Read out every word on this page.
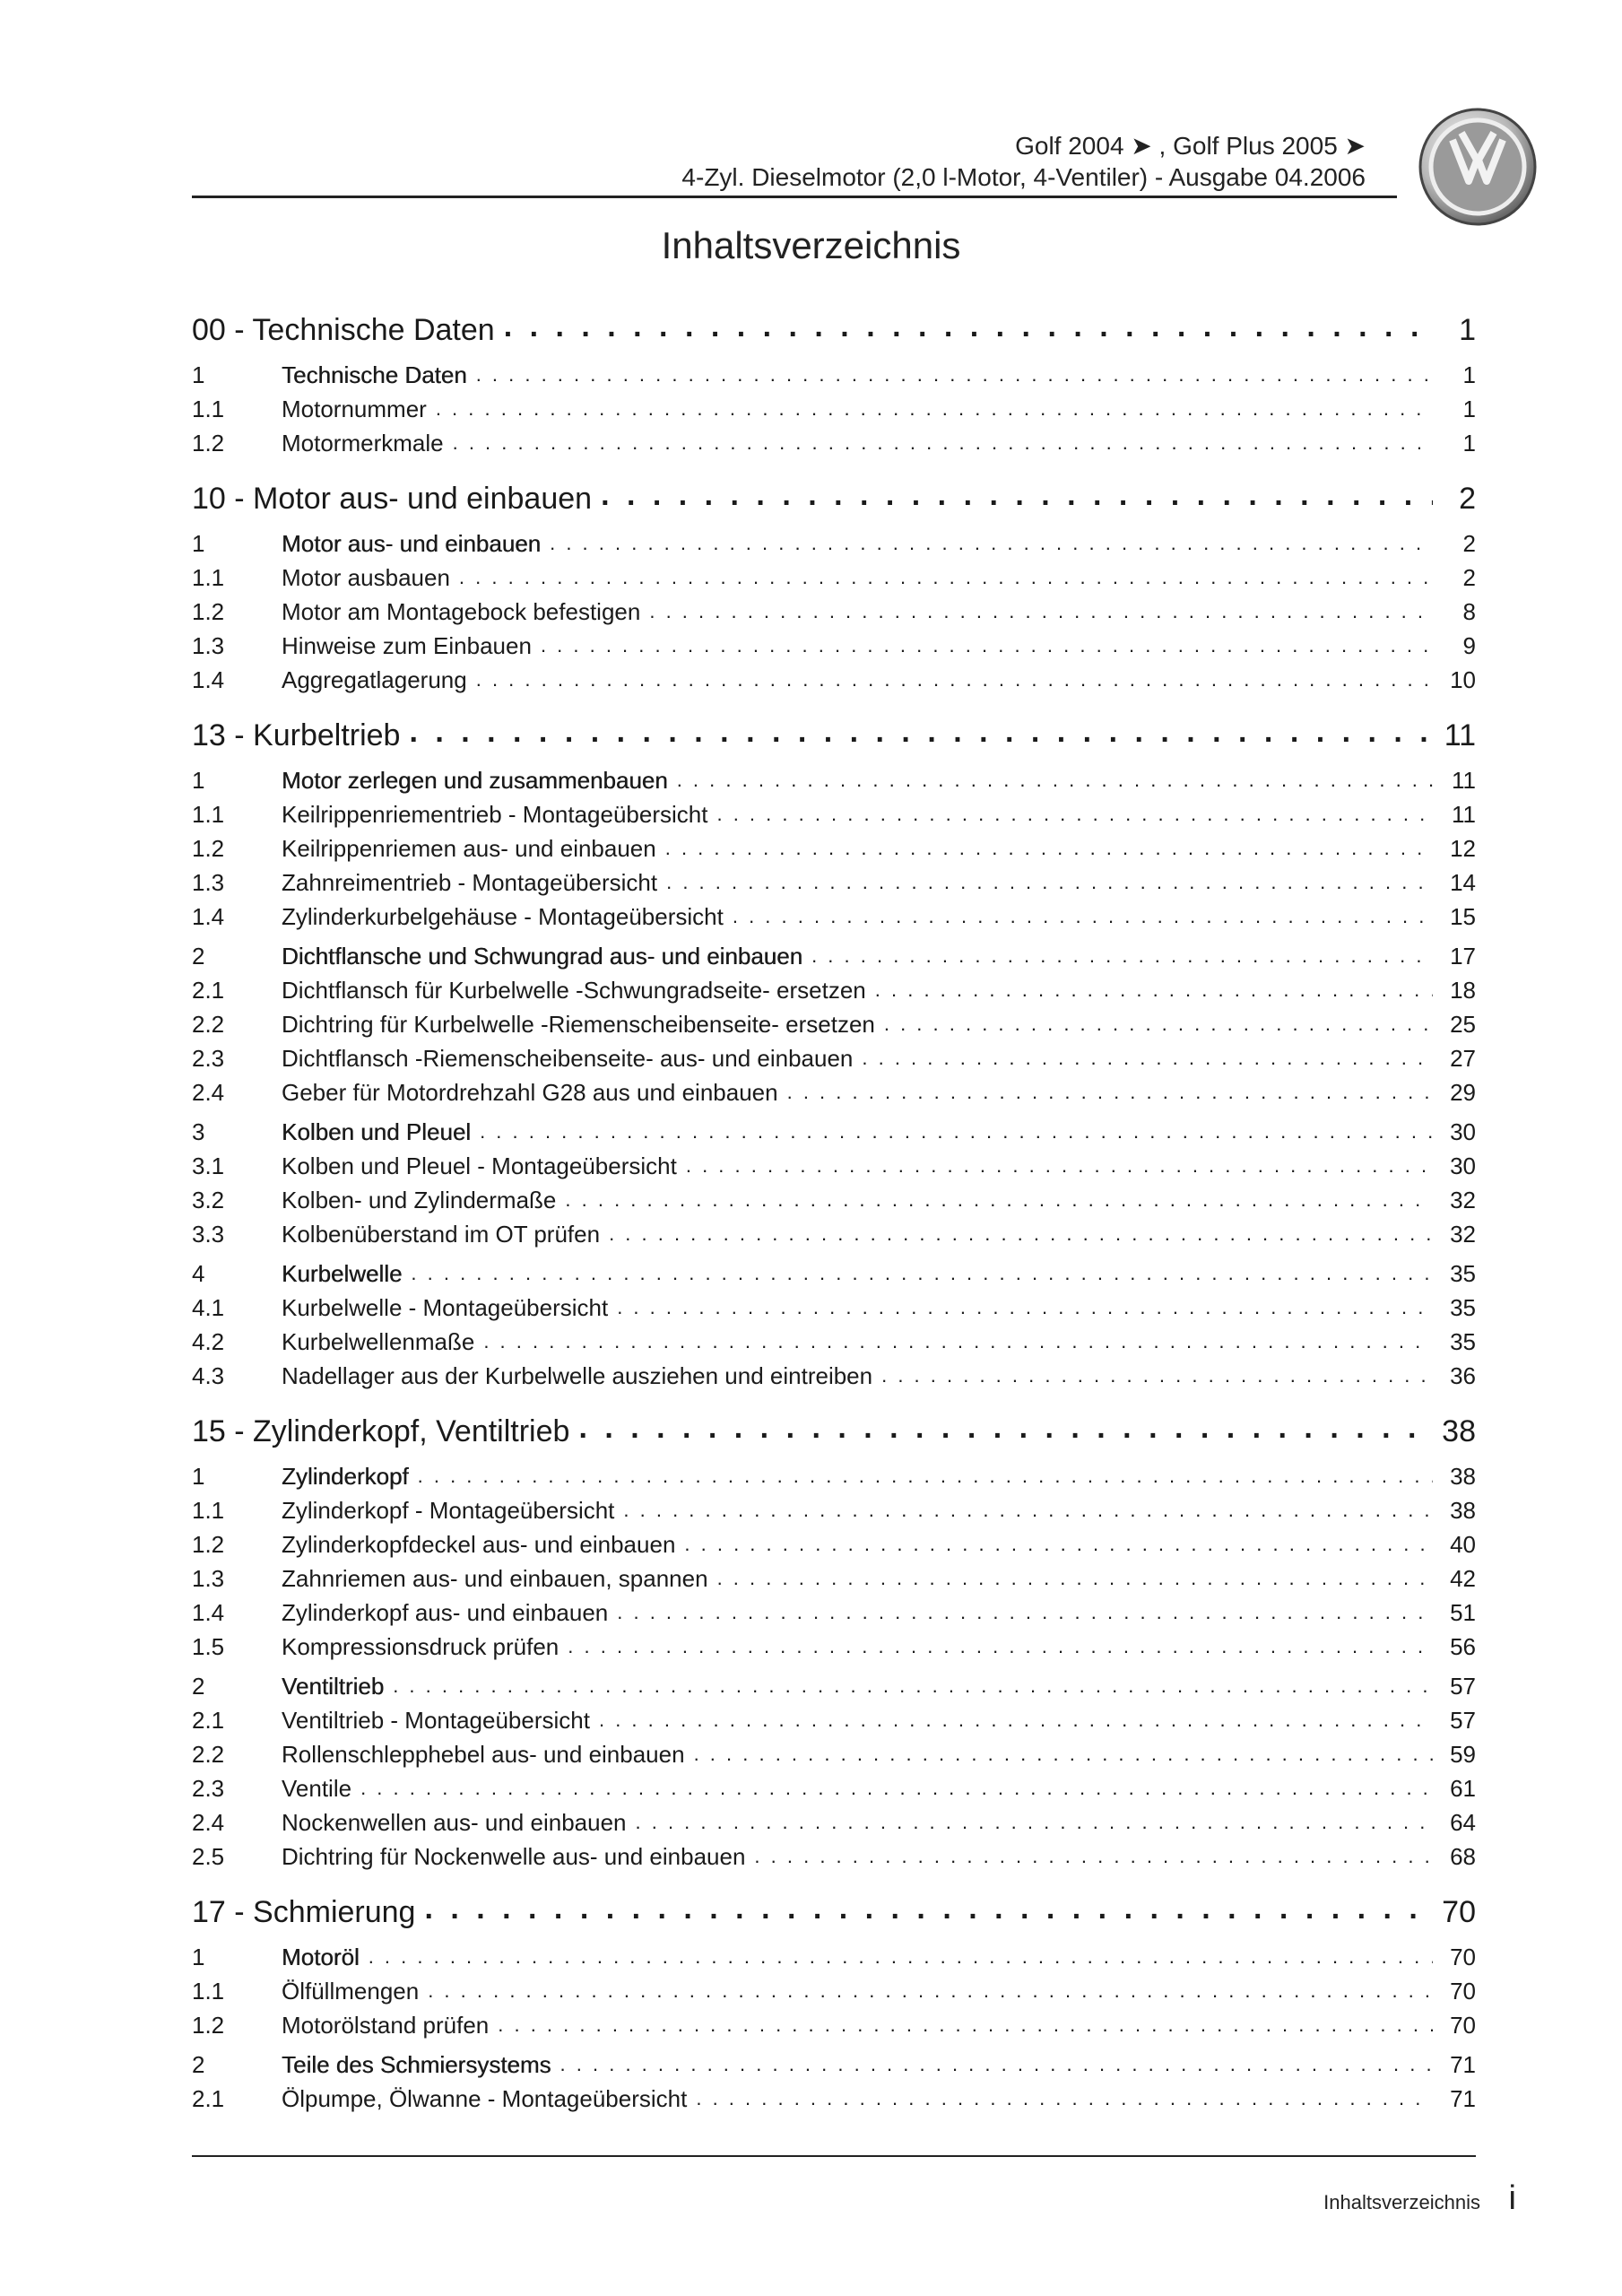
Golf 2004 ➤ , Golf Plus 2005 ➤
4-Zyl. Dieselmotor (2,0 l-Motor, 4-Ventiler) - Ausgabe 04.2006
Inhaltsverzeichnis
00 - Technische Daten . . .	1
1	Technische Daten . . .	1
1.1	Motornummer . . .	1
1.2	Motormerkmale . . .	1
10 - Motor aus- und einbauen . . .	2
1	Motor aus- und einbauen . . .	2
1.1	Motor ausbauen . . .	2
1.2	Motor am Montagebock befestigen . . .	8
1.3	Hinweise zum Einbauen . . .	9
1.4	Aggregatlagerung . . .	10
13 - Kurbeltrieb . . .	11
1	Motor zerlegen und zusammenbauen . . .	11
1.1	Keilrippenriementrieb - Montageübersicht . . .	11
1.2	Keilrippenriemen aus- und einbauen . . .	12
1.3	Zahnreimentrieb - Montageübersicht . . .	14
1.4	Zylinderkurbelgehäuse - Montageübersicht . . .	15
2	Dichtflansche und Schwungrad aus- und einbauen . . .	17
2.1	Dichtflansch für Kurbelwelle -Schwungradseite- ersetzen . . .	18
2.2	Dichtring für Kurbelwelle -Riemenscheibenseite- ersetzen . . .	25
2.3	Dichtflansch -Riemenscheibenseite- aus- und einbauen . . .	27
2.4	Geber für Motordrehzahl G28 aus und einbauen . . .	29
3	Kolben und Pleuel . . .	30
3.1	Kolben und Pleuel - Montageübersicht . . .	30
3.2	Kolben- und Zylindermaße . . .	32
3.3	Kolbenüberstand im OT prüfen . . .	32
4	Kurbelwelle . . .	35
4.1	Kurbelwelle - Montageübersicht . . .	35
4.2	Kurbelwellenmaße . . .	35
4.3	Nadellager aus der Kurbelwelle ausziehen und eintreiben . . .	36
15 - Zylinderkopf, Ventiltrieb . . .	38
1	Zylinderkopf . . .	38
1.1	Zylinderkopf - Montageübersicht . . .	38
1.2	Zylinderkopfdeckel aus- und einbauen . . .	40
1.3	Zahnriemen aus- und einbauen, spannen . . .	42
1.4	Zylinderkopf aus- und einbauen . . .	51
1.5	Kompressionsdruck prüfen . . .	56
2	Ventiltrieb . . .	57
2.1	Ventiltrieb - Montageübersicht . . .	57
2.2	Rollenschlepphebel aus- und einbauen . . .	59
2.3	Ventile . . .	61
2.4	Nockenwellen aus- und einbauen . . .	64
2.5	Dichtring für Nockenwelle aus- und einbauen . . .	68
17 - Schmierung . . .	70
1	Motoröl . . .	70
1.1	Ölfüllmengen . . .	70
1.2	Motorölstand prüfen . . .	70
2	Teile des Schmiersystems . . .	71
2.1	Ölpumpe, Ölwanne - Montageübersicht . . .	71
Inhaltsverzeichnis i
